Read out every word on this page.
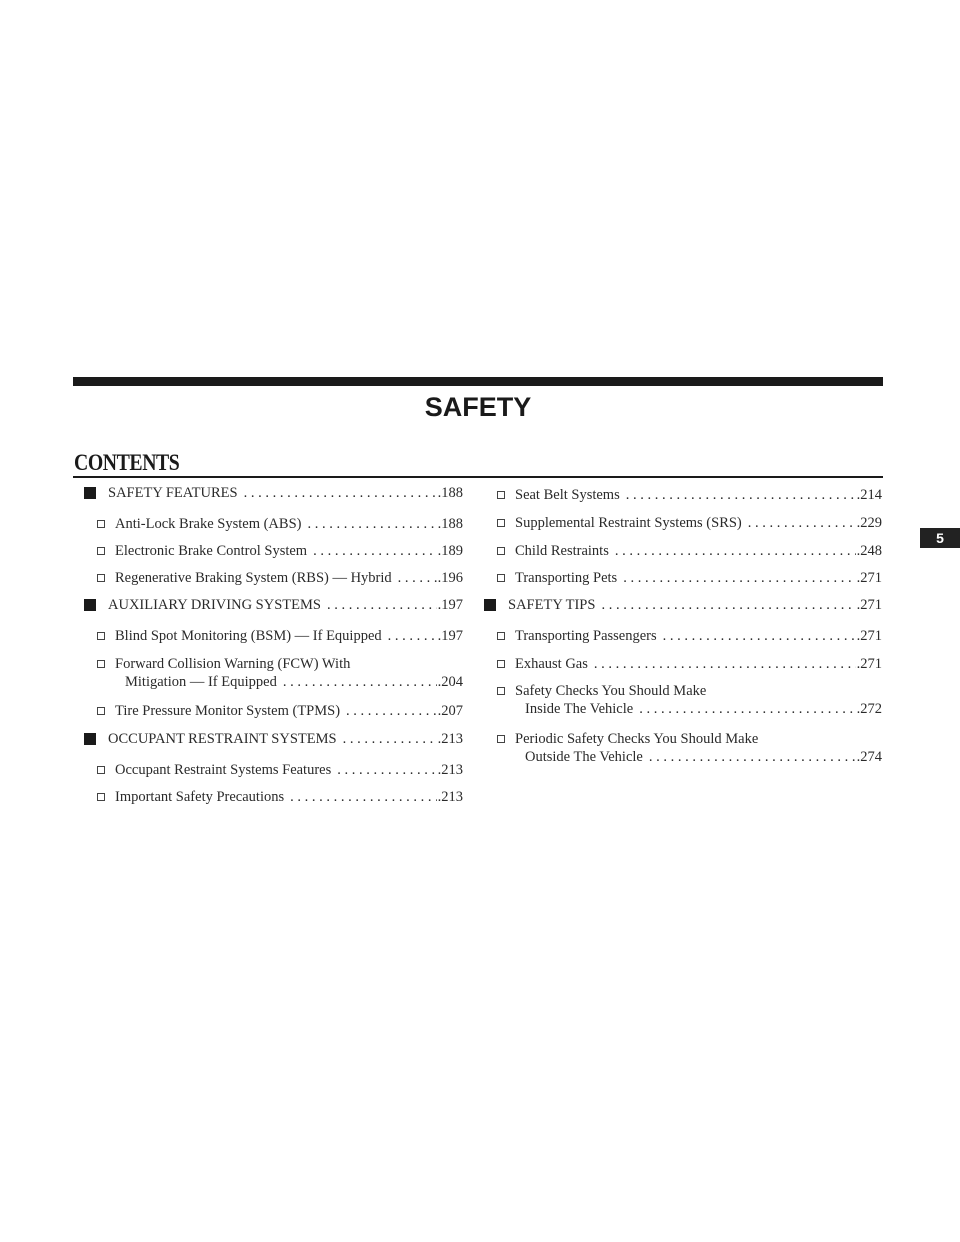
SAFETY
CONTENTS
5
SAFETY FEATURES . . .	.188
Anti-Lock Brake System (ABS) . . .	.188
Electronic Brake Control System . . .	.189
Regenerative Braking System (RBS) — Hybrid . . .	.196
AUXILIARY DRIVING SYSTEMS . . .	.197
Blind Spot Monitoring (BSM) — If Equipped . . .	.197
Forward Collision Warning (FCW) With
Mitigation — If Equipped . . .	.204
Tire Pressure Monitor System (TPMS) . . .	.207
OCCUPANT RESTRAINT SYSTEMS . . .	.213
Occupant Restraint Systems Features . . .	.213
Important Safety Precautions . . .	.213
Seat Belt Systems . . .	.214
Supplemental Restraint Systems (SRS) . . .	.229
Child Restraints . . .	.248
Transporting Pets . . .	.271
SAFETY TIPS . . .	.271
Transporting Passengers . . .	.271
Exhaust Gas . . .	.271
Safety Checks You Should Make
Inside The Vehicle . . .	.272
Periodic Safety Checks You Should Make
Outside The Vehicle . . .	.274
